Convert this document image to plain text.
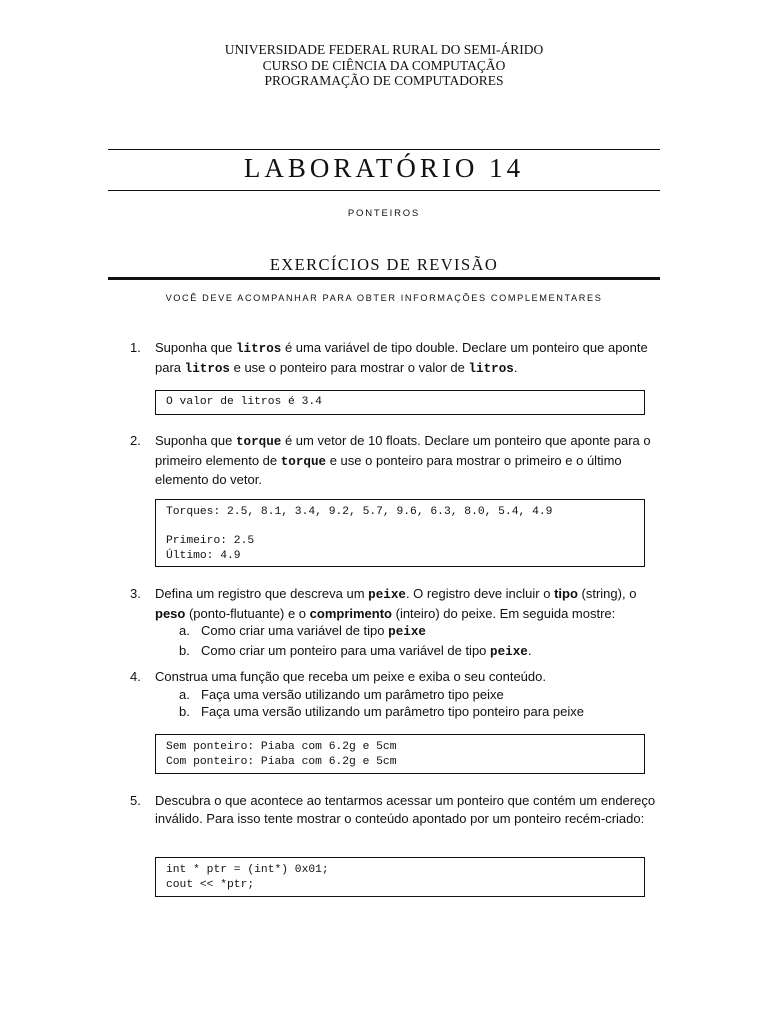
UNIVERSIDADE FEDERAL RURAL DO SEMI-ÁRIDO
CURSO DE CIÊNCIA DA COMPUTAÇÃO
PROGRAMAÇÃO DE COMPUTADORES
LABORATÓRIO 14
PONTEIROS
EXERCÍCIOS DE REVISÃO
VOCÊ DEVE ACOMPANHAR PARA OBTER INFORMAÇÕES COMPLEMENTARES
1. Suponha que litros é uma variável de tipo double. Declare um ponteiro que aponte para litros e use o ponteiro para mostrar o valor de litros.
O valor de litros é 3.4
2. Suponha que torque é um vetor de 10 floats. Declare um ponteiro que aponte para o primeiro elemento de torque e use o ponteiro para mostrar o primeiro e o último elemento do vetor.
Torques: 2.5, 8.1, 3.4, 9.2, 5.7, 9.6, 6.3, 8.0, 5.4, 4.9
Primeiro: 2.5
Último: 4.9
3. Defina um registro que descreva um peixe. O registro deve incluir o tipo (string), o peso (ponto-flutuante) e o comprimento (inteiro) do peixe. Em seguida mostre:
a. Como criar uma variável de tipo peixe
b. Como criar um ponteiro para uma variável de tipo peixe.
4. Construa uma função que receba um peixe e exiba o seu conteúdo.
a. Faça uma versão utilizando um parâmetro tipo peixe
b. Faça uma versão utilizando um parâmetro tipo ponteiro para peixe
Sem ponteiro: Piaba com 6.2g e 5cm
Com ponteiro: Piaba com 6.2g e 5cm
5. Descubra o que acontece ao tentarmos acessar um ponteiro que contém um endereço inválido. Para isso tente mostrar o conteúdo apontado por um ponteiro recém-criado:
int * ptr = (int*) 0x01;
cout << *ptr;
